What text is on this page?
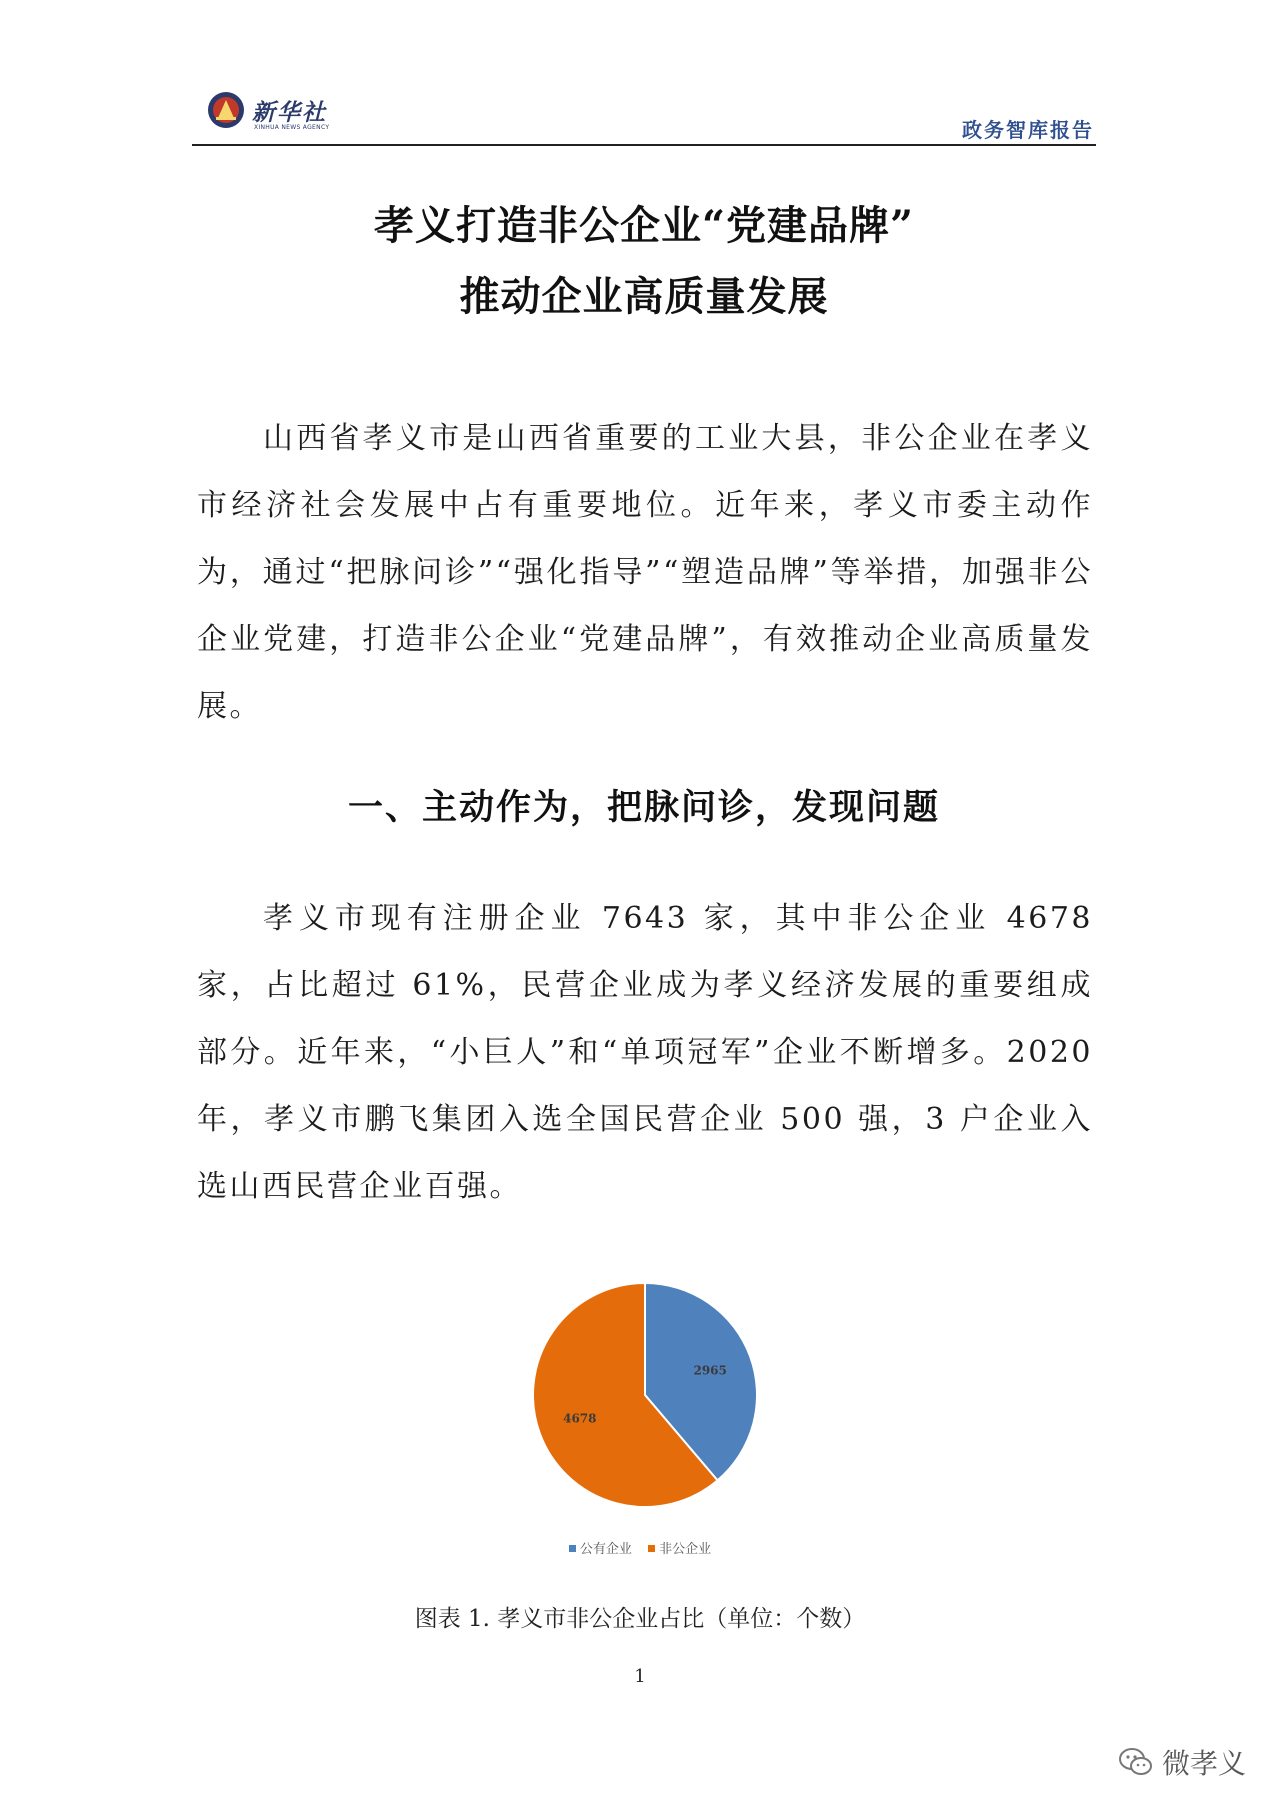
新华社
XINHUA NEWS AGENCY	政务智库报告
孝义打造非公企业“党建品牌”
推动企业高质量发展
山西省孝义市是山西省重要的工业大县，非公企业在孝义市经济社会发展中占有重要地位。近年来，孝义市委主动作为，通过“把脉问诊”“强化指导”“塑造品牌”等举措，加强非公企业党建，打造非公企业“党建品牌”，有效推动企业高质量发展。
一、主动作为，把脉问诊，发现问题
孝义市现有注册企业 7643 家，其中非公企业 4678 家，占比超过 61%，民营企业成为孝义经济发展的重要组成部分。近年来，“小巨人”和“单项冠军”企业不断增多。2020 年，孝义市鹏飞集团入选全国民营企业 500 强，3 户企业入选山西民营企业百强。
2965
4678
公有企业 非公企业
图表 1. 孝义市非公企业占比（单位：个数）
1
微孝义
